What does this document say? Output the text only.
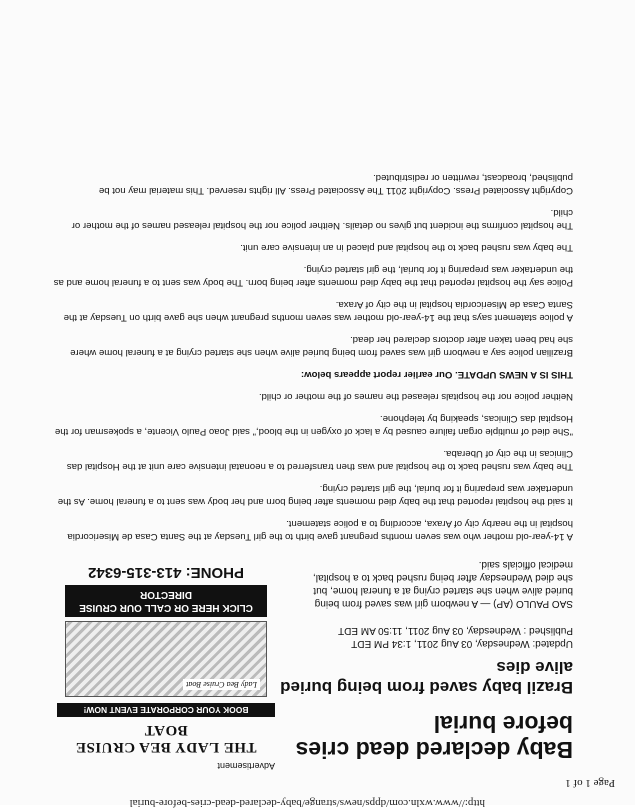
http://www.wxln.com/dpps/news/strange/baby-declared-dead-cries-before-burial
Page 1 of 1
Baby declared dead cries before burial
Brazil baby saved from being buried alive dies
Updated: Wednesday, 03 Aug 2011, 1:34 PM EDT
Published : Wednesday, 03 Aug 2011, 11:50 AM EDT
SAO PAULO (AP) — A newborn girl was saved from being buried alive when she started crying at a funeral home, but she died Wednesday after being rushed back to a hospital, medical officials said.
Advertisement
THE LADY BEA CRUISE BOAT
BOOK YOUR CORPORATE EVENT NOW!
Lady Bea Cruise Boat
CLICK HERE OR CALL OUR CRUISE DIRECTOR
PHONE: 413-315-6342

A 14-year-old mother who was seven months pregnant gave birth to the girl Tuesday at the Santa Casa de Misericordia hospital in the nearby city of Araxa, according to a police statement.

It said the hospital reported that the baby died moments after being born and her body was sent to a funeral home. As the undertaker was preparing it for burial, the girl started crying.

The baby was rushed back to the hospital and was then transferred to a neonatal intensive care unit at the Hospital das Clinicas in the city of Uberaba.

"She died of multiple organ failure caused by a lack of oxygen in the blood," said Joao Paulo Vicente, a spokesman for the Hospital das Clinicas, speaking by telephone.

Neither police nor the hospitals released the names of the mother or child.

THIS IS A NEWS UPDATE. Our earlier report appears below:

Brazilian police say a newborn girl was saved from being buried alive when she started crying at a funeral home where she had been taken after doctors declared her dead.

A police statement says that the 14-year-old mother was seven months pregnant when she gave birth on Tuesday at the Santa Casa de Misericordia hospital in the city of Araxa.

Police say the hospital reported that the baby died moments after being born. The body was sent to a funeral home and as the undertaker was preparing it for burial, the girl started crying.

The baby was rushed back to the hospital and placed in an intensive care unit.

The hospital confirms the incident but gives no details. Neither police nor the hospital released names of the mother or child.

Copyright Associated Press. Copyright 2011 The Associated Press. All rights reserved. This material may not be published, broadcast, rewritten or redistributed.
